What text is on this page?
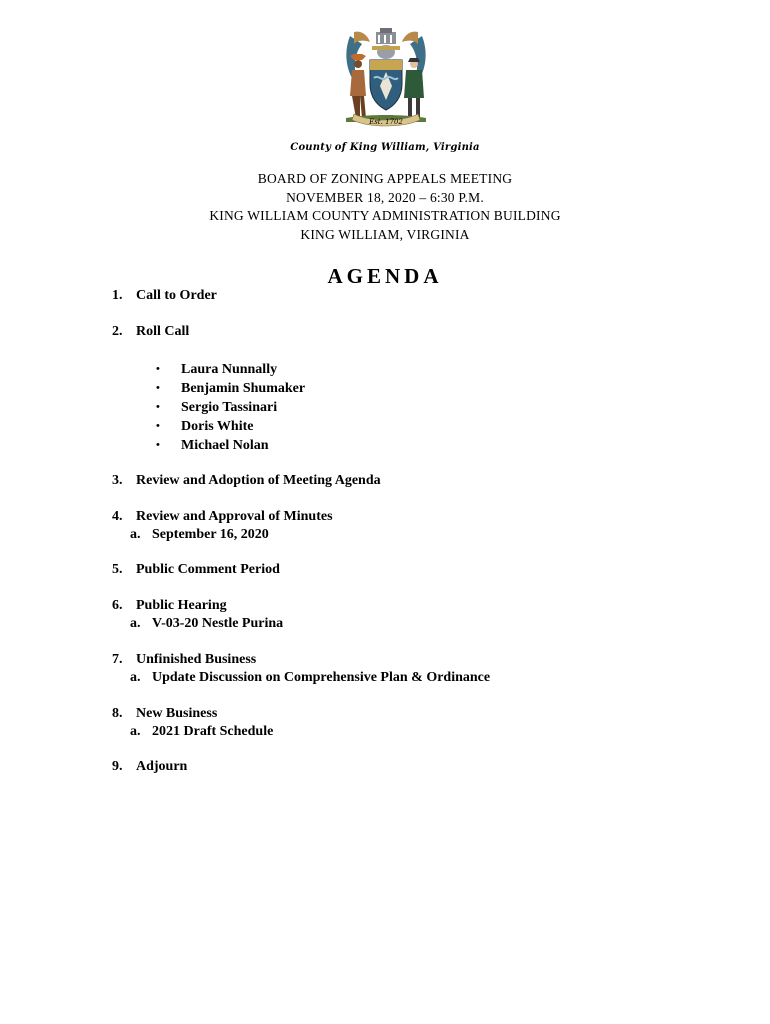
Est. 1702
County of King William, Virginia
BOARD OF ZONING APPEALS MEETING
NOVEMBER 18, 2020 – 6:30 P.M.
KING WILLIAM COUNTY ADMINISTRATION BUILDING
KING WILLIAM, VIRGINIA
AGENDA
1. Call to Order
2. Roll Call
• Laura Nunnally
• Benjamin Shumaker
• Sergio Tassinari
• Doris White
• Michael Nolan
3. Review and Adoption of Meeting Agenda
4. Review and Approval of Minutes
a. September 16, 2020
5. Public Comment Period
6. Public Hearing
a. V-03-20 Nestle Purina
7. Unfinished Business
a. Update Discussion on Comprehensive Plan & Ordinance
8. New Business
a. 2021 Draft Schedule
9. Adjourn
